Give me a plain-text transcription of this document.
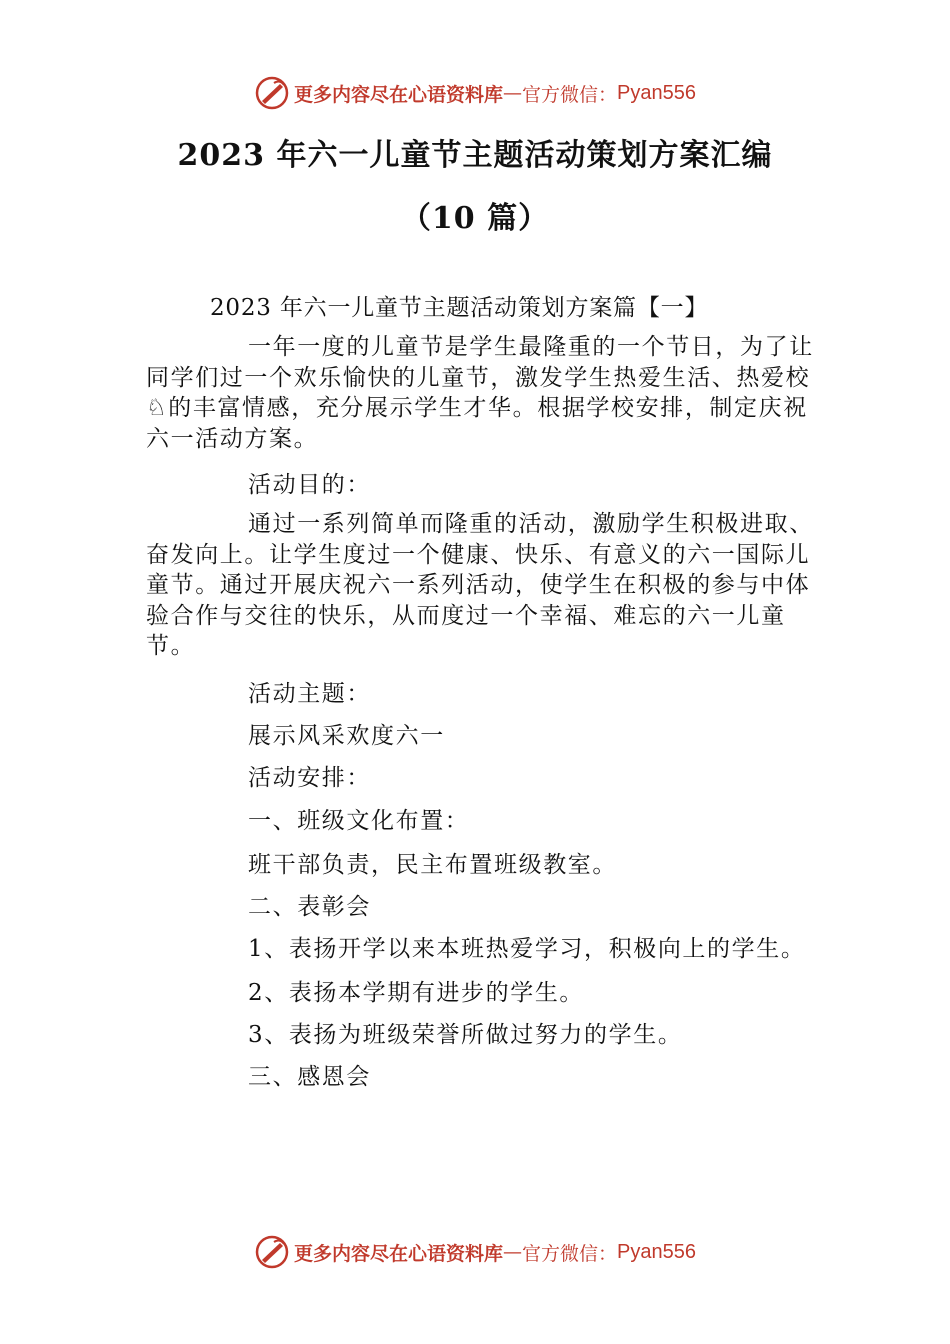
更多内容尽在心语资料库 — 官方微信： Pyan556
2023 年六一儿童节主题活动策划方案汇编
（10 篇）
2023 年六一儿童节主题活动策划方案篇【一】
一年一度的儿童节是学生最隆重的一个节日，为了让同学们过一个欢乐愉快的儿童节，激发学生热爱生活、热爱校♘的丰富情感，充分展示学生才华。根据学校安排，制定庆祝六一活动方案。
活动目的：
通过一系列简单而隆重的活动，激励学生积极进取、奋发向上。让学生度过一个健康、快乐、有意义的六一国际儿童节。通过开展庆祝六一系列活动，使学生在积极的参与中体验合作与交往的快乐，从而度过一个幸福、难忘的六一儿童节。
活动主题：
展示风采欢度六一
活动安排：
一、班级文化布置：
班干部负责，民主布置班级教室。
二、表彰会
1、表扬开学以来本班热爱学习，积极向上的学生。
2、表扬本学期有进步的学生。
3、表扬为班级荣誉所做过努力的学生。
三、感恩会
更多内容尽在心语资料库 — 官方微信： Pyan556
